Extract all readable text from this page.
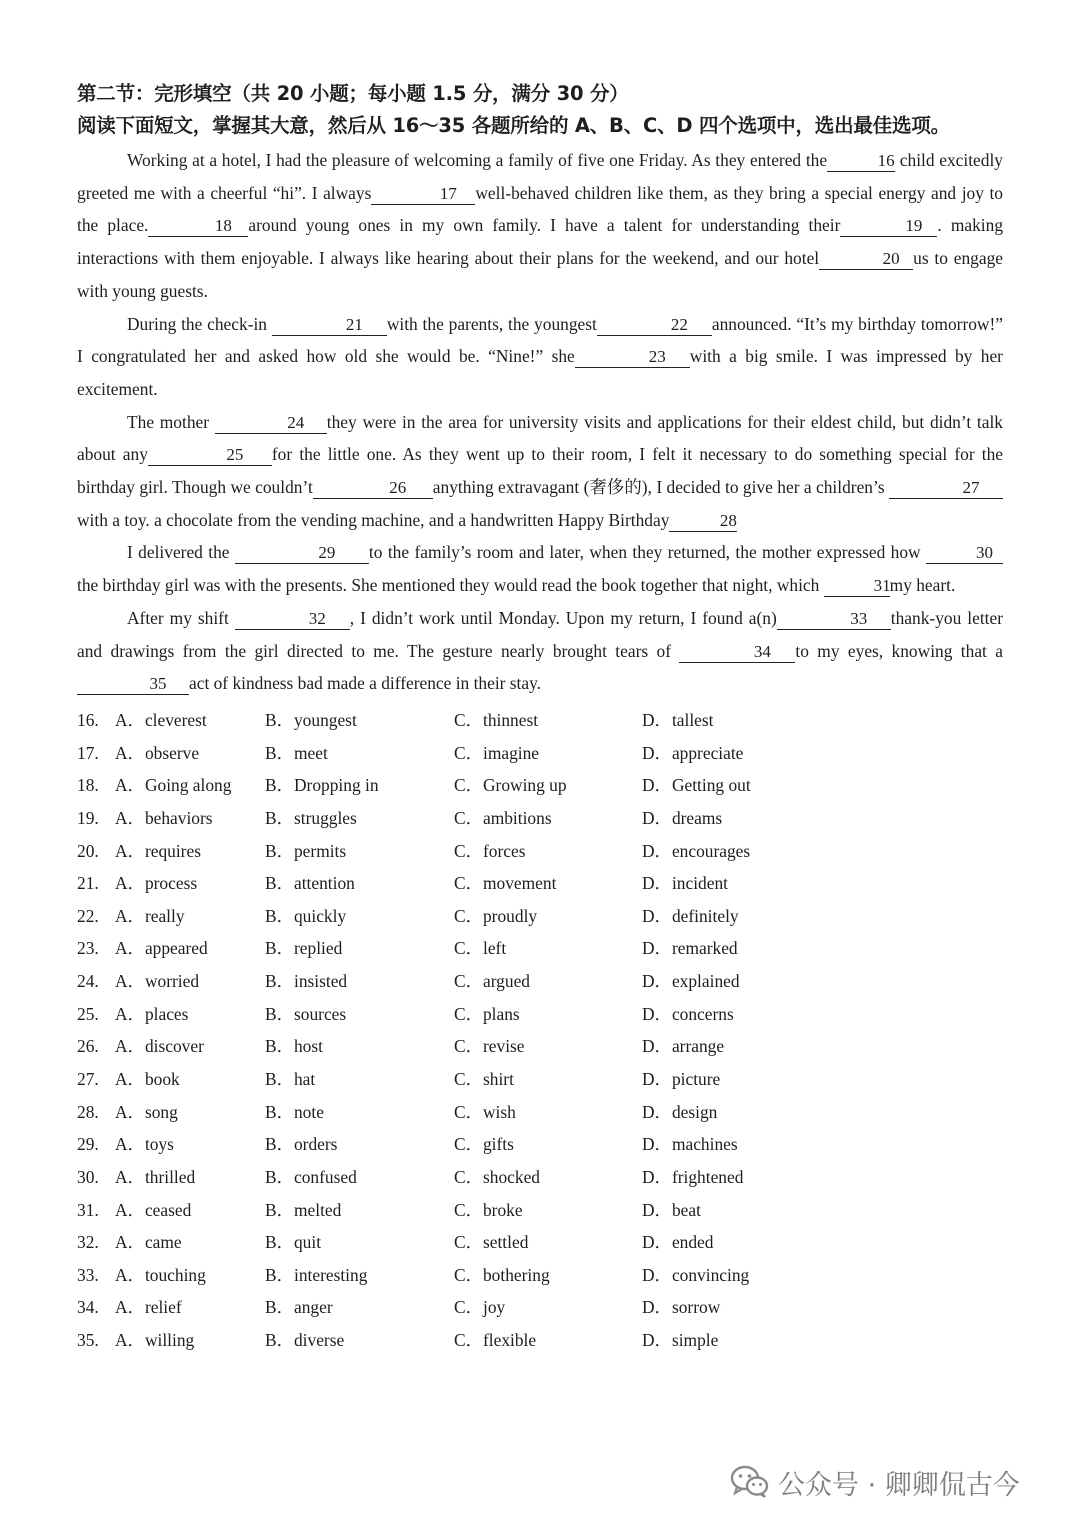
第二节：完形填空（共 20 小题；每小题 1.5 分，满分 30 分）
阅读下面短文，掌握其大意，然后从 16～35 各题所给的 A、B、C、D 四个选项中，选出最佳选项。

Working at a hotel, I had the pleasure of welcoming a family of five one Friday. As they entered the	16 child excitedly greeted me with a cheerful “hi”. I always	17 well-behaved children like them, as they bring a special energy and joy to the place.	18 around young ones in my own family. I have a talent for understanding their	19 . making interactions with them enjoyable. I always like hearing about their plans for the weekend, and our hotel	20 us to engage with young guests.

During the check-in	21 with the parents, the youngest	22 announced. “It’s my birthday tomorrow!” I congratulated her and asked how old she would be. “Nine!” she	23 with a big smile. I was impressed by her excitement.

The mother	24 they were in the area for university visits and applications for their eldest child, but didn’t talk about any	25 for the little one. As they went up to their room, I felt it necessary to do something special for the birthday girl. Though we couldn’t	26 anything extravagant (奢侈的), I decided to give her a children’s	27 with a toy. a chocolate from the vending machine, and a handwritten Happy Birthday	28

I delivered the	29 to the family’s room and later, when they returned, the mother expressed how	30the birthday girl was with the presents. She mentioned they would read the book together that night, which	31my heart.

After my shift	32 , I didn’t work until Monday. Upon my return, I found a(n)	33 thank-you letter and drawings from the girl directed to me. The gesture nearly brought tears of	34 to my eyes, knowing that a35 act of kindness bad made a difference in their stay.

16. A．cleverest	B．youngest	C．thinnest	D．tallest
17. A．observe	B．meet	C．imagine	D．appreciate
18. A．Going along B．Dropping in	C．Growing up	D．Getting out
19. A．behaviors	B．struggles	C．ambitions	D．dreams
20. A．requires	B．permits	C．forces	D．encourages
21. A．process	B．attention	C．movement	D．incident
22. A．really	B．quickly	C．proudly	D．definitely
23. A．appeared	B．replied	C．left	D．remarked
24. A．worried	B．insisted	C．argued	D．explained
25. A．places	B．sources	C．plans	D．concerns
26. A．discover	B．host	C．revise	D．arrange
27. A．book	B．hat	C．shirt	D．picture
28. A．song	B．note	C．wish	D．design
29. A．toys	B．orders	C．gifts	D．machines
30. A．thrilled	B．confused	C．shocked	D．frightened
31. A．ceased	B．melted	C．broke	D．beat
32. A．came	B．quit	C．settled	D．ended
33. A．touching	B．interesting	C．bothering	D．convincing
34. A．relief	B．anger	C．joy	D．sorrow
35. A．willing	B．diverse	C．flexible	D．simple
公众号 · 卿卿侃古今
